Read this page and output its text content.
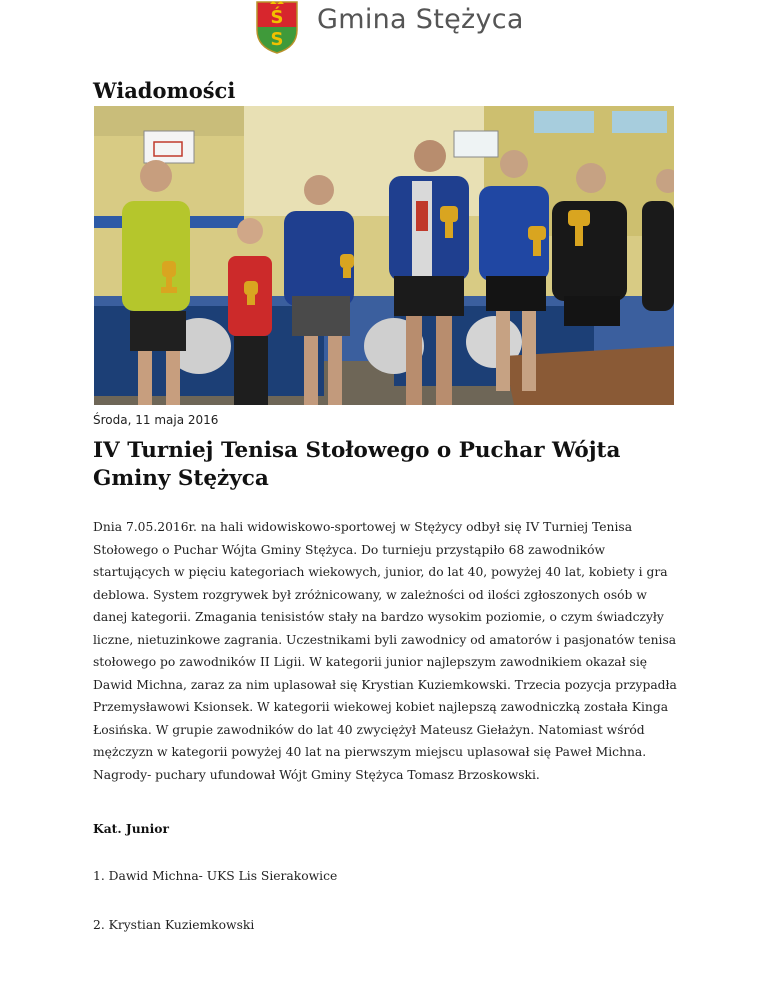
Ś
S
Gmina Stężyca
Wiadomości
Środa, 11 maja 2016
IV Turniej Tenisa Stołowego o Puchar Wójta Gminy Stężyca

Dnia 7.05.2016r. na hali widowiskowo-sportowej w Stężycy odbył się IV Turniej Tenisa Stołowego o Puchar Wójta Gminy Stężyca. Do turnieju przystąpiło 68 zawodników startujących w pięciu kategoriach wiekowych, junior, do lat 40, powyżej 40 lat, kobiety i gra deblowa. System rozgrywek był zróżnicowany, w zależności od ilości zgłoszonych osób w danej kategorii. Zmagania tenisistów stały na bardzo wysokim poziomie, o czym świadczyły liczne, nietuzinkowe zagrania. Uczestnikami byli zawodnicy od amatorów i pasjonatów tenisa stołowego po zawodników II Ligii. W kategorii junior najlepszym zawodnikiem okazał się Dawid Michna, zaraz za nim uplasował się Krystian Kuziemkowski. Trzecia pozycja przypadła Przemysławowi Ksionsek. W kategorii wiekowej kobiet najlepszą zawodniczką została Kinga Łosińska. W grupie zawodników do lat 40 zwyciężył Mateusz Giełażyn. Natomiast wśród mężczyzn w kategorii powyżej 40 lat na pierwszym miejscu uplasował się Paweł Michna. Nagrody- puchary ufundował Wójt Gminy Stężyca Tomasz Brzoskowski.

Kat. Junior
1. Dawid Michna- UKS Lis Sierakowice
2. Krystian Kuziemkowski
